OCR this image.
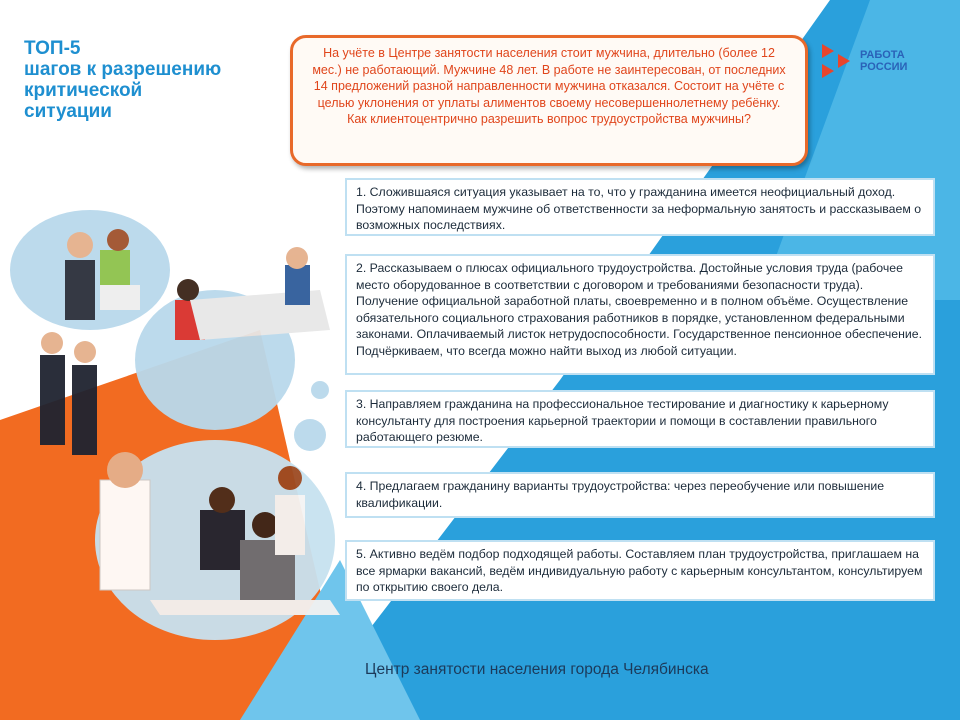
ТОП-5
шагов к разрешению
критической
ситуации
На учёте в Центре занятости населения стоит мужчина, длительно (более 12 мес.) не работающий. Мужчине 48 лет. В работе не заинтересован, от последних 14 предложений разной направленности мужчина отказался. Состоит на учёте с целью уклонения от уплаты алиментов своему несовершеннолетнему ребёнку. Как клиентоцентрично разрешить вопрос трудоустройства мужчины?
РАБОТА
РОССИИ
1. Сложившаяся ситуация указывает на то, что у гражданина имеется неофициальный доход. Поэтому напоминаем мужчине об ответственности за неформальную занятость и рассказываем о возможных последствиях.
2. Рассказываем о плюсах официального трудоустройства. Достойные условия труда (рабочее место оборудованное в соответствии с договором и требованиями безопасности труда). Получение официальной заработной платы, своевременно и в полном объёме. Осуществление обязательного социального страхования работников в порядке, установленном федеральными законами. Оплачиваемый листок нетрудоспособности. Государственное пенсионное обеспечение. Подчёркиваем, что всегда можно найти выход из любой ситуации.
3. Направляем гражданина на профессиональное тестирование и диагностику к карьерному консультанту для построения карьерной траектории и помощи в составлении правильного работающего резюме.
4. Предлагаем гражданину варианты трудоустройства: через переобучение или повышение квалификации.
5. Активно ведём подбор подходящей работы. Составляем план трудоустройства, приглашаем на все ярмарки вакансий, ведём индивидуальную работу с карьерным консультантом, консультируем по открытию своего дела.
Центр занятости населения города Челябинска
